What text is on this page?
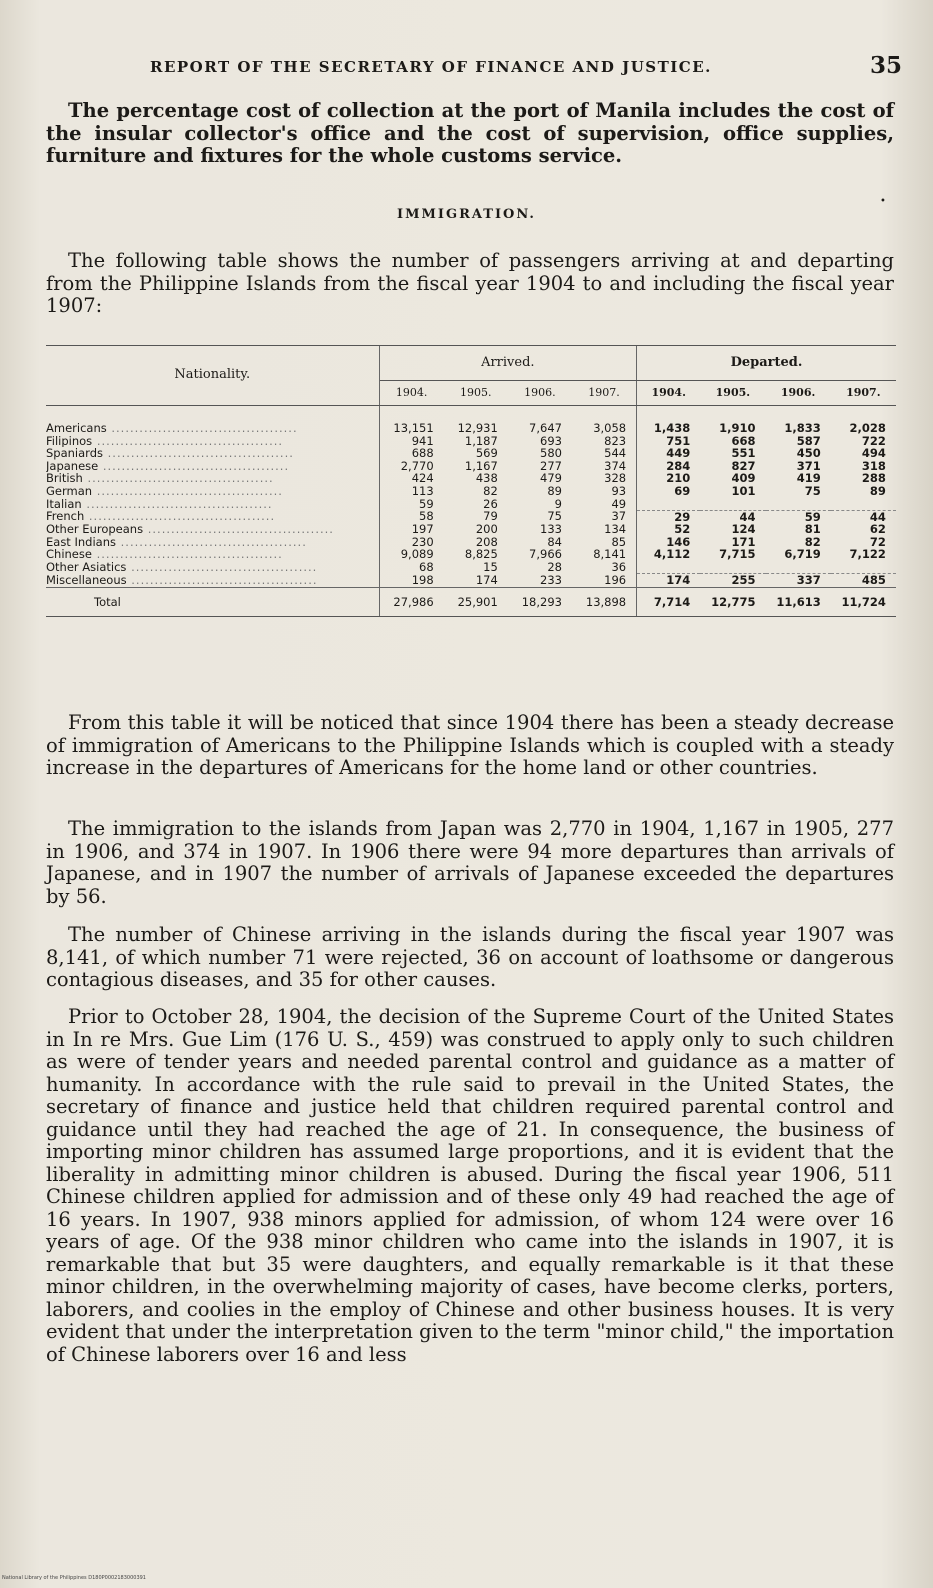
REPORT OF THE SECRETARY OF FINANCE AND JUSTICE.	35
The percentage cost of collection at the port of Manila includes the cost of the insular collector's office and the cost of supervision, office supplies, furniture and fixtures for the whole customs service.
IMMIGRATION.
•
The following table shows the number of passengers arriving at and departing from the Philippine Islands from the fiscal year 1904 to and including the fiscal year 1907:

Nationality.	Arrived.				Departed.				
	1904.	1905.	1906.	1907.	1904.	1905.	1906.	1907.	
Americans ........................................	13,151	12,931	7,647	3,058	1,438	1,910	1,833	2,028	
Filipinos ........................................	941	1,187	693	823	751	668	587	722	
Spaniards ........................................	688	569	580	544	449	551	450	494	
Japanese ........................................	2,770	1,167	277	374	284	827	371	318	
British ........................................	424	438	479	328	210	409	419	288	
German ........................................	113	82	89	93	69	101	75	89	
Italian ........................................	59	26	9	49					
French ........................................	58	79	75	37	29	44	59	44	
Other Europeans ........................................	197	200	133	134	52	124	81	62	
East Indians ........................................	230	208	84	85	146	171	82	72	
Chinese ........................................	9,089	8,825	7,966	8,141	4,112	7,715	6,719	7,122	
Other Asiatics ........................................	68	15	28	36					
Miscellaneous ........................................	198	174	233	196	174	255	337	485	
Total	27,986	25,901	18,293	13,898	7,714	12,775	11,613	11,724	
From this table it will be noticed that since 1904 there has been a steady decrease of immigration of Americans to the Philippine Islands which is coupled with a steady increase in the departures of Americans for the home land or other countries.
The immigration to the islands from Japan was 2,770 in 1904, 1,167 in 1905, 277 in 1906, and 374 in 1907. In 1906 there were 94 more departures than arrivals of Japanese, and in 1907 the number of arrivals of Japanese exceeded the departures by 56.
The number of Chinese arriving in the islands during the fiscal year 1907 was 8,141, of which number 71 were rejected, 36 on account of loathsome or dangerous contagious diseases, and 35 for other causes.
Prior to October 28, 1904, the decision of the Supreme Court of the United States in In re Mrs. Gue Lim (176 U. S., 459) was construed to apply only to such children as were of tender years and needed parental control and guidance as a matter of humanity. In accordance with the rule said to prevail in the United States, the secretary of finance and justice held that children required parental control and guidance until they had reached the age of 21. In consequence, the business of importing minor children has assumed large proportions, and it is evident that the liberality in admitting minor children is abused. During the fiscal year 1906, 511 Chinese children applied for admission and of these only 49 had reached the age of 16 years. In 1907, 938 minors applied for admission, of whom 124 were over 16 years of age. Of the 938 minor children who came into the islands in 1907, it is remarkable that but 35 were daughters, and equally remarkable is it that these minor children, in the overwhelming majority of cases, have become clerks, porters, laborers, and coolies in the employ of Chinese and other business houses. It is very evident that under the interpretation given to the term "minor child," the importation of Chinese laborers over 16 and less
National Library of the Philippines D180P0002183000391
